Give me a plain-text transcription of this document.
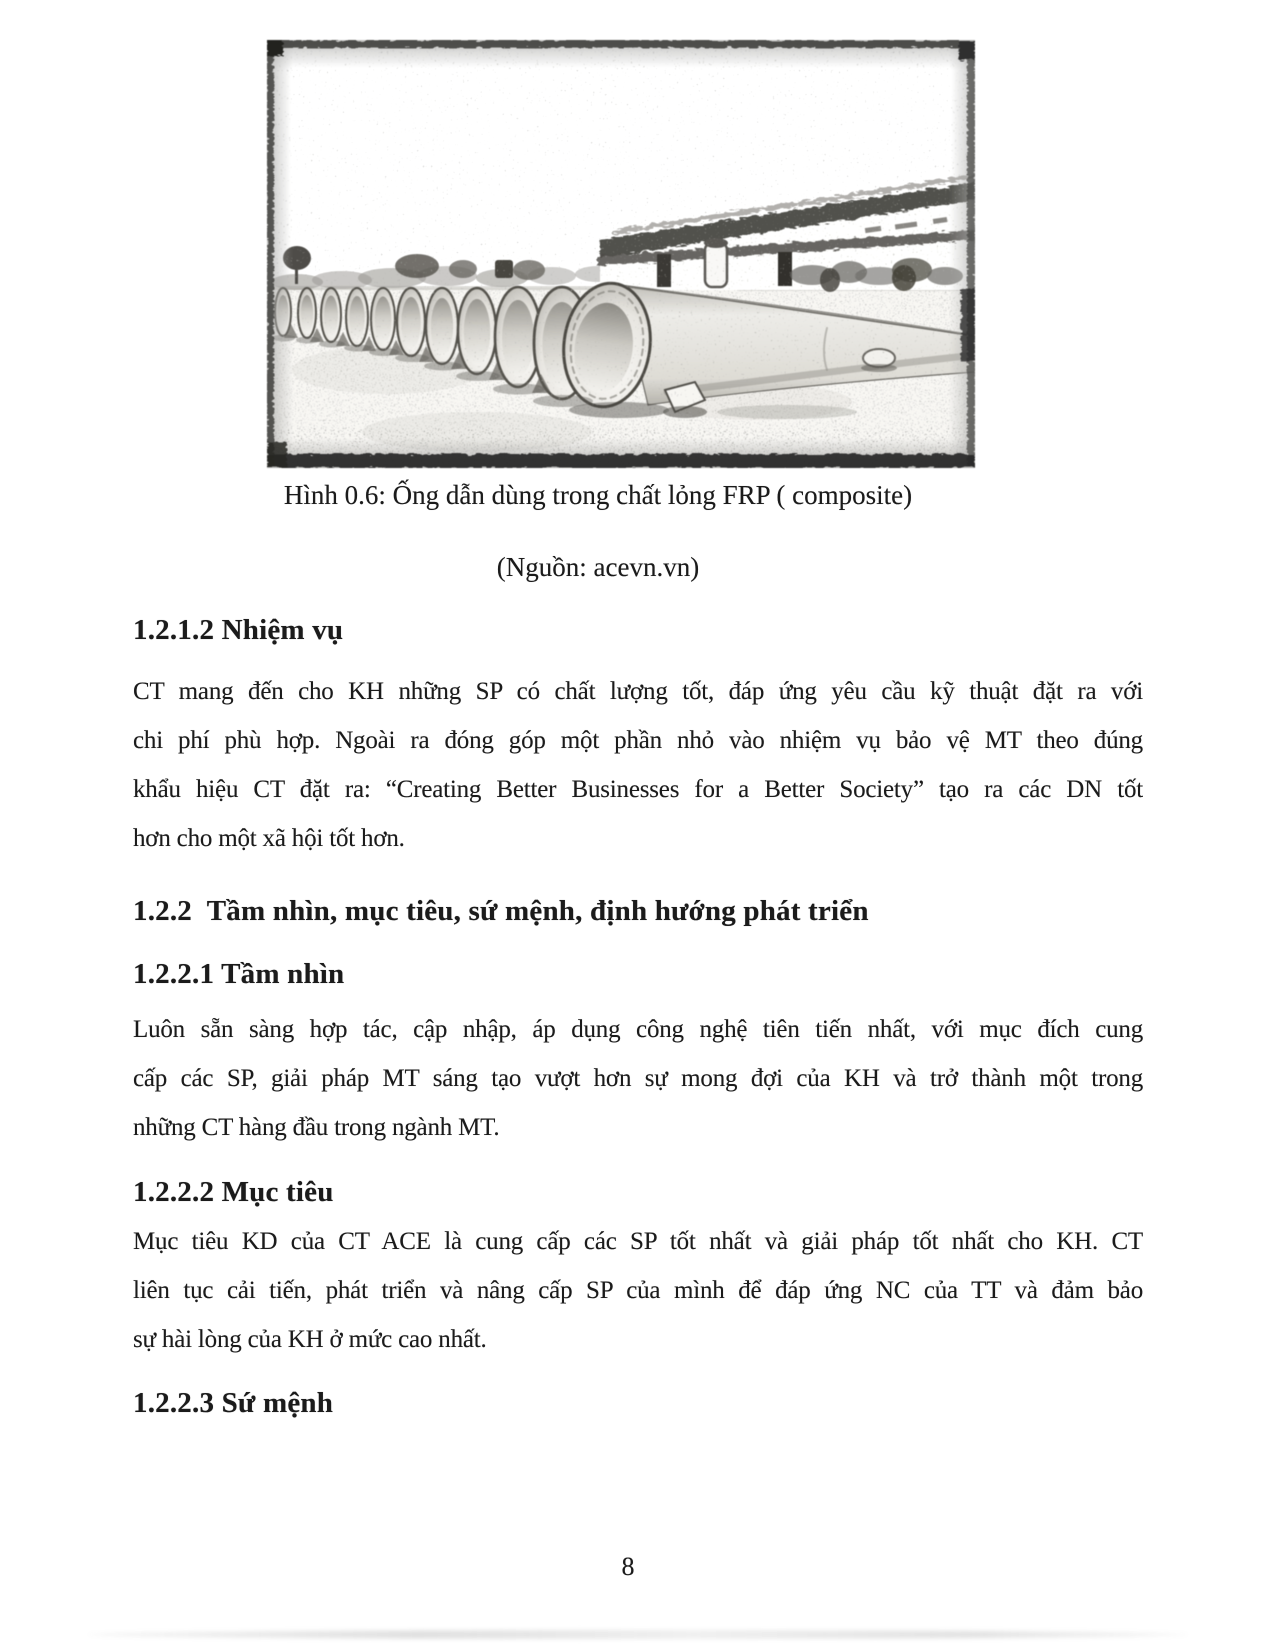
Hình 0.6: Ống dẫn dùng trong chất lỏng FRP ( composite)
(Nguồn: acevn.vn)
1.2.1.2 Nhiệm vụ
CT mang đến cho KH những SP có chất lượng tốt, đáp ứng yêu cầu kỹ thuật đặt ra với
chi phí phù hợp. Ngoài ra đóng góp một phần nhỏ vào nhiệm vụ bảo vệ MT theo đúng
khẩu hiệu CT đặt ra: “Creating Better Businesses for a Better Society” tạo ra các DN tốt
hơn cho một xã hội tốt hơn.
1.2.2 Tầm nhìn, mục tiêu, sứ mệnh, định hướng phát triển
1.2.2.1 Tầm nhìn
Luôn sẵn sàng hợp tác, cập nhập, áp dụng công nghệ tiên tiến nhất, với mục đích cung
cấp các SP, giải pháp MT sáng tạo vượt hơn sự mong đợi của KH và trở thành một trong
những CT hàng đầu trong ngành MT.
1.2.2.2 Mục tiêu
Mục tiêu KD của CT ACE là cung cấp các SP tốt nhất và giải pháp tốt nhất cho KH. CT
liên tục cải tiến, phát triển và nâng cấp SP của mình để đáp ứng NC của TT và đảm bảo
sự hài lòng của KH ở mức cao nhất.
1.2.2.3 Sứ mệnh
8
